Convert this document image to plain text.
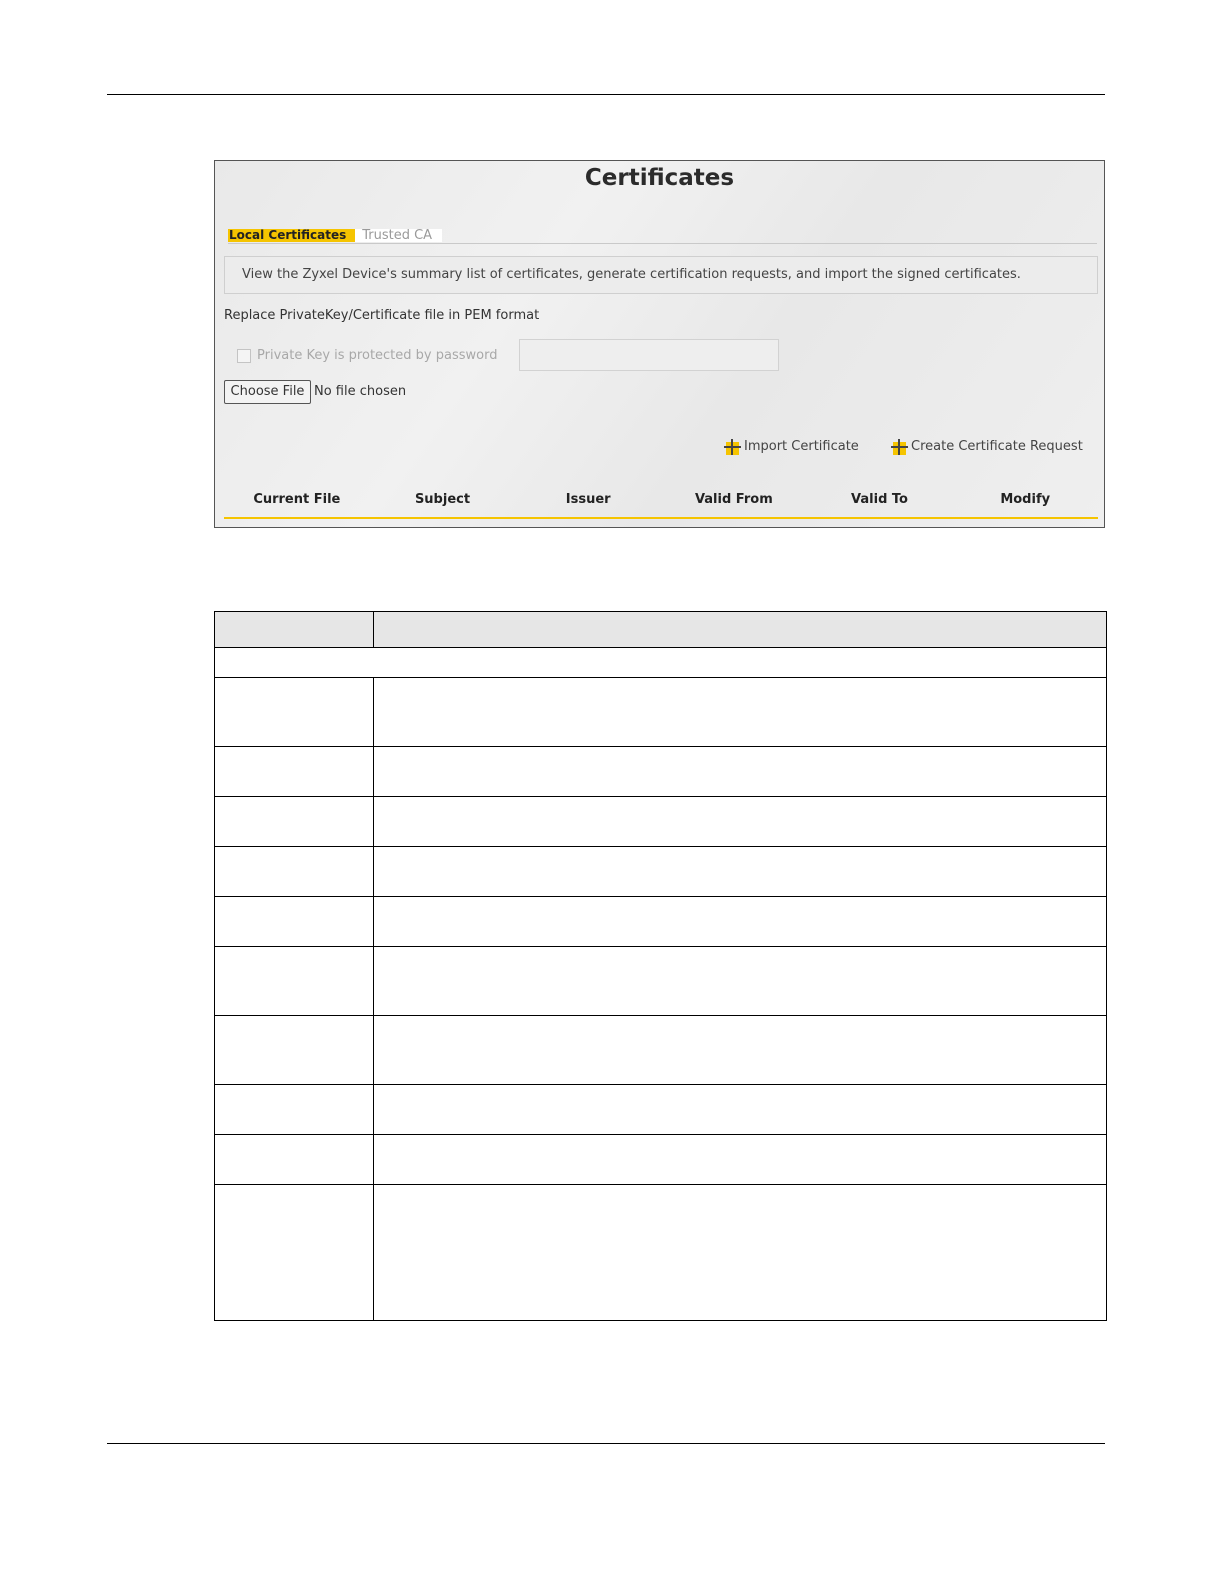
Certificates
Local Certificates	Trusted CA
View the Zyxel Device's summary list of certificates, generate certification requests, and import the signed certificates.
Replace PrivateKey/Certificate file in PEM format
Private Key is protected by password
Choose File No file chosen
Import Certificate	Create Certificate Request
Current File	Subject	Issuer	Valid From	Valid To	Modify
